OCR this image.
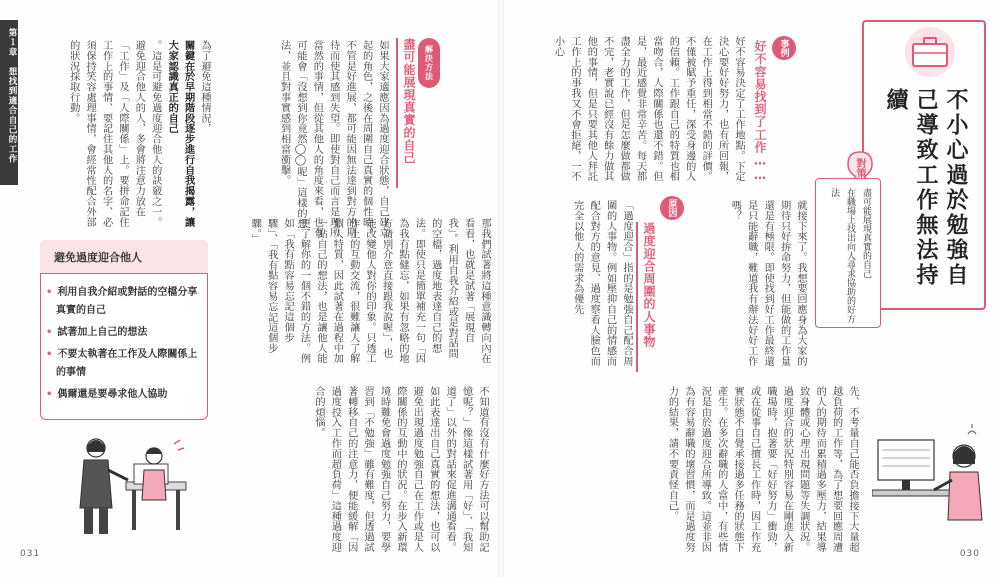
第１章　想找到適合自己的工作	為了避免這種情況，

關鍵在於早期階段逐步進行自我揭露，讓大家認識真正的自己

。這是可避免過度迎合他人的訣竅之一。

避免迎合他人的人，多會將注意力放在「工作」及「人際關係」上。要拼命記住工作上的事情、要記住其他人的名字、必須保持笑容處理事情，會經常性配合外部的狀況採取行動。	解決方法
盡可能展現真實的自己
如果大家適應因為過度迎合狀態，自己建立起的角色，之後在周圍自己真實的個性時，不管是好進展，都可能因無法達到對方的期待而使其感到失望。即使對自己而言是理所當然的事情，但從其他人的角度來看，也有可能會「沒想到你竟然◯◯呢」這樣的想法，並且對事實感到相當衝擊。
那我們試著將這種意識轉向內在看看，也就是試著「展現自我」。利用自我介紹或是對話間的空檔，過度地表達自己的想法。即使只是簡單補充一句「因為我有點健忘，如果有忽略的地方請別介意直接跟我說喔」，也能改變他人對你的印象。只透工作上的互動交流，很難讓人了解個人特質，因此試著在過程中加一點自己的想法，也是讓他人能更了解你的一個不錯的方法。例如「我有點容易忘記這個步驟」、「我有點容易忘記這個步驟。」
避免過度迎合他人
• 利用自我介紹或對話的空檔分享真實的自己
• 試著加上自己的想法
• 不要太執著在工作及人際關係上的事情
• 偶爾還是要尋求他人協助
031
不小心過於勉強自己導致工作無法持續
對策
盡可能展現真實的自己
在職場上找出向人尋求協助的好方法
事例
好不容易找到了工作……
好不容易決定了工作地點。下定決心要好好努力，也有所回報，在工作上得到相當不錯的評價。不僅被賦予重任，深受身邊的人的信賴。工作跟自己的特質也相當吻合，人際關係也還不錯。但是，最近感覺非常辛苦。每天都盡全力的工作，但是怎麼做都做不完，老實說已經沒有餘力做其他的事情，但是只要其他人拜託工作上的事我又不會拒絕，一不小心
就接下來了。我想要回應身為大家的期待只好拚命努力，但能做的工作量還是有極限。即使找到好工作最終還是只能辭職，難道我有辦法好好工作嗎？
原因
過度迎合周圍的人事物
「過度迎合」指的是勉強自己配合周圍的人事物。例如壓抑自己的情感而配合對方的意見、過度察看人臉色而完全以他人的需求為優先
先、不考量自己能否負擔接下大量超越負荷的工作等，為了想要回應周遭的人的期待而累積過多壓力，結果導致身體或心理出現問題等失調狀況。過度迎合的狀況特別容易在剛進入新職場時，抱著要「好好努力」衝勁，或在從事自己擅長工作時，因工作充實狀態不自覺承接過多任務的狀態下產生。在多次辭職的人當中，有些情況是由於過度迎合所導致。這並非因為有容易辭職的壞習慣，而是過度努力的結果，請不要責怪自己。
不知道有沒有什麼好方法可以幫助記憶呢？」像這樣試著用「好」、「我知道了」以外的對話來促進溝通看看。如此表達出自己真實的想法，也可以避免出現過度勉強自己在工作或是人際關係的互動中的狀況。在步入新環境時難免會過度勉強自己努力，要學習到「不勉強」雖有難度，但透過試著轉移自己的注意力，便能緩解「因過度投入工作而超負荷」這種過度迎合的煩惱。
030
